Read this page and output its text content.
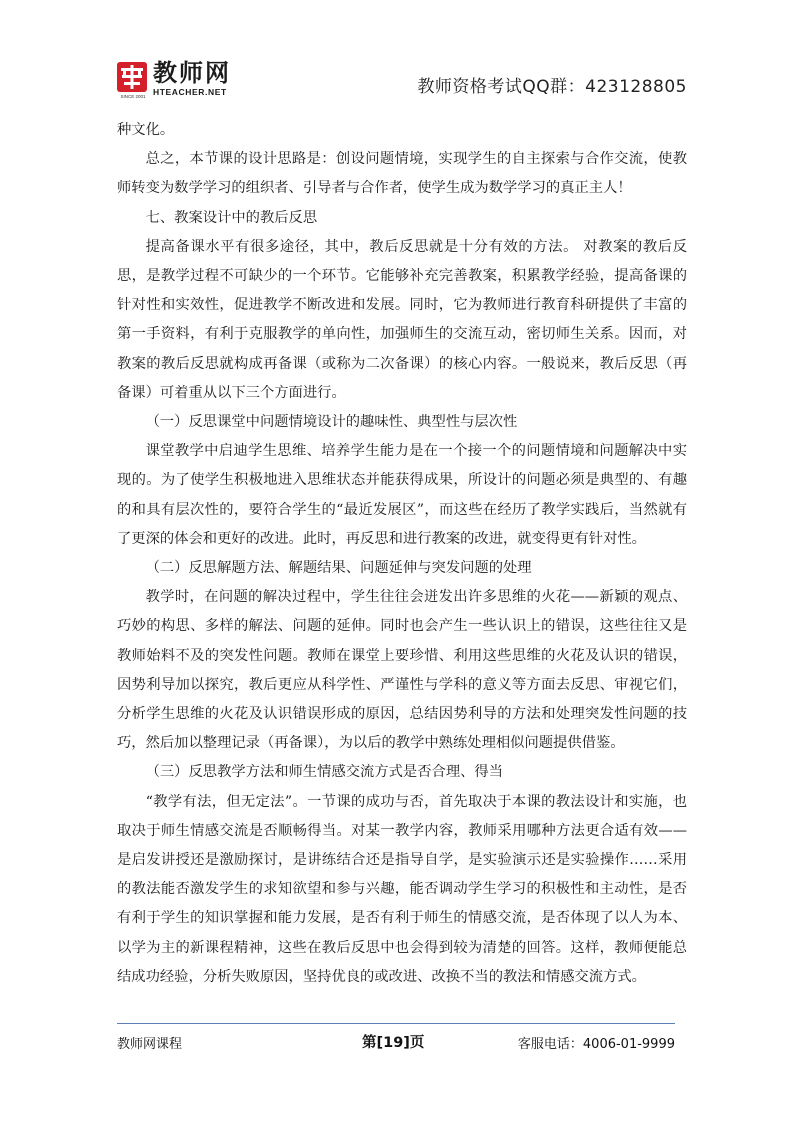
教师网
HTEACHER.NET
SINCE 2001	教师资格考试QQ群：423128805

种文化。

总之，本节课的设计思路是：创设问题情境，实现学生的自主探索与合作交流，使教师转变为数学学习的组织者、引导者与合作者，使学生成为数学学习的真正主人！

七、教案设计中的教后反思

提高备课水平有很多途径，其中，教后反思就是十分有效的方法。 对教案的教后反思，是教学过程不可缺少的一个环节。它能够补充完善教案，积累教学经验，提高备课的针对性和实效性，促进教学不断改进和发展。同时，它为教师进行教育科研提供了丰富的第一手资料，有利于克服教学的单向性，加强师生的交流互动，密切师生关系。因而，对教案的教后反思就构成再备课（或称为二次备课）的核心内容。一般说来，教后反思（再备课）可着重从以下三个方面进行。

（一）反思课堂中问题情境设计的趣味性、典型性与层次性

课堂教学中启迪学生思维、培养学生能力是在一个接一个的问题情境和问题解决中实现的。为了使学生积极地进入思维状态并能获得成果，所设计的问题必须是典型的、有趣的和具有层次性的，要符合学生的“最近发展区”，而这些在经历了教学实践后，当然就有了更深的体会和更好的改进。此时，再反思和进行教案的改进，就变得更有针对性。

（二）反思解题方法、解题结果、问题延伸与突发问题的处理

教学时，在问题的解决过程中，学生往往会迸发出许多思维的火花——新颖的观点、巧妙的构思、多样的解法、问题的延伸。同时也会产生一些认识上的错误，这些往往又是教师始料不及的突发性问题。教师在课堂上要珍惜、利用这些思维的火花及认识的错误，因势利导加以探究，教后更应从科学性、严谨性与学科的意义等方面去反思、审视它们，分析学生思维的火花及认识错误形成的原因，总结因势利导的方法和处理突发性问题的技巧，然后加以整理记录（再备课），为以后的教学中熟练处理相似问题提供借鉴。

（三）反思教学方法和师生情感交流方式是否合理、得当

“教学有法，但无定法”。一节课的成功与否，首先取决于本课的教法设计和实施，也取决于师生情感交流是否顺畅得当。对某一教学内容，教师采用哪种方法更合适有效——是启发讲授还是激励探讨，是讲练结合还是指导自学，是实验演示还是实验操作……采用的教法能否激发学生的求知欲望和参与兴趣，能否调动学生学习的积极性和主动性，是否有利于学生的知识掌握和能力发展，是否有利于师生的情感交流，是否体现了以人为本、以学为主的新课程精神，这些在教后反思中也会得到较为清楚的回答。这样，教师便能总结成功经验，分析失败原因，坚持优良的或改进、改换不当的教法和情感交流方式。

教师网课程	第[19]页	客服电话：4006-01-9999
